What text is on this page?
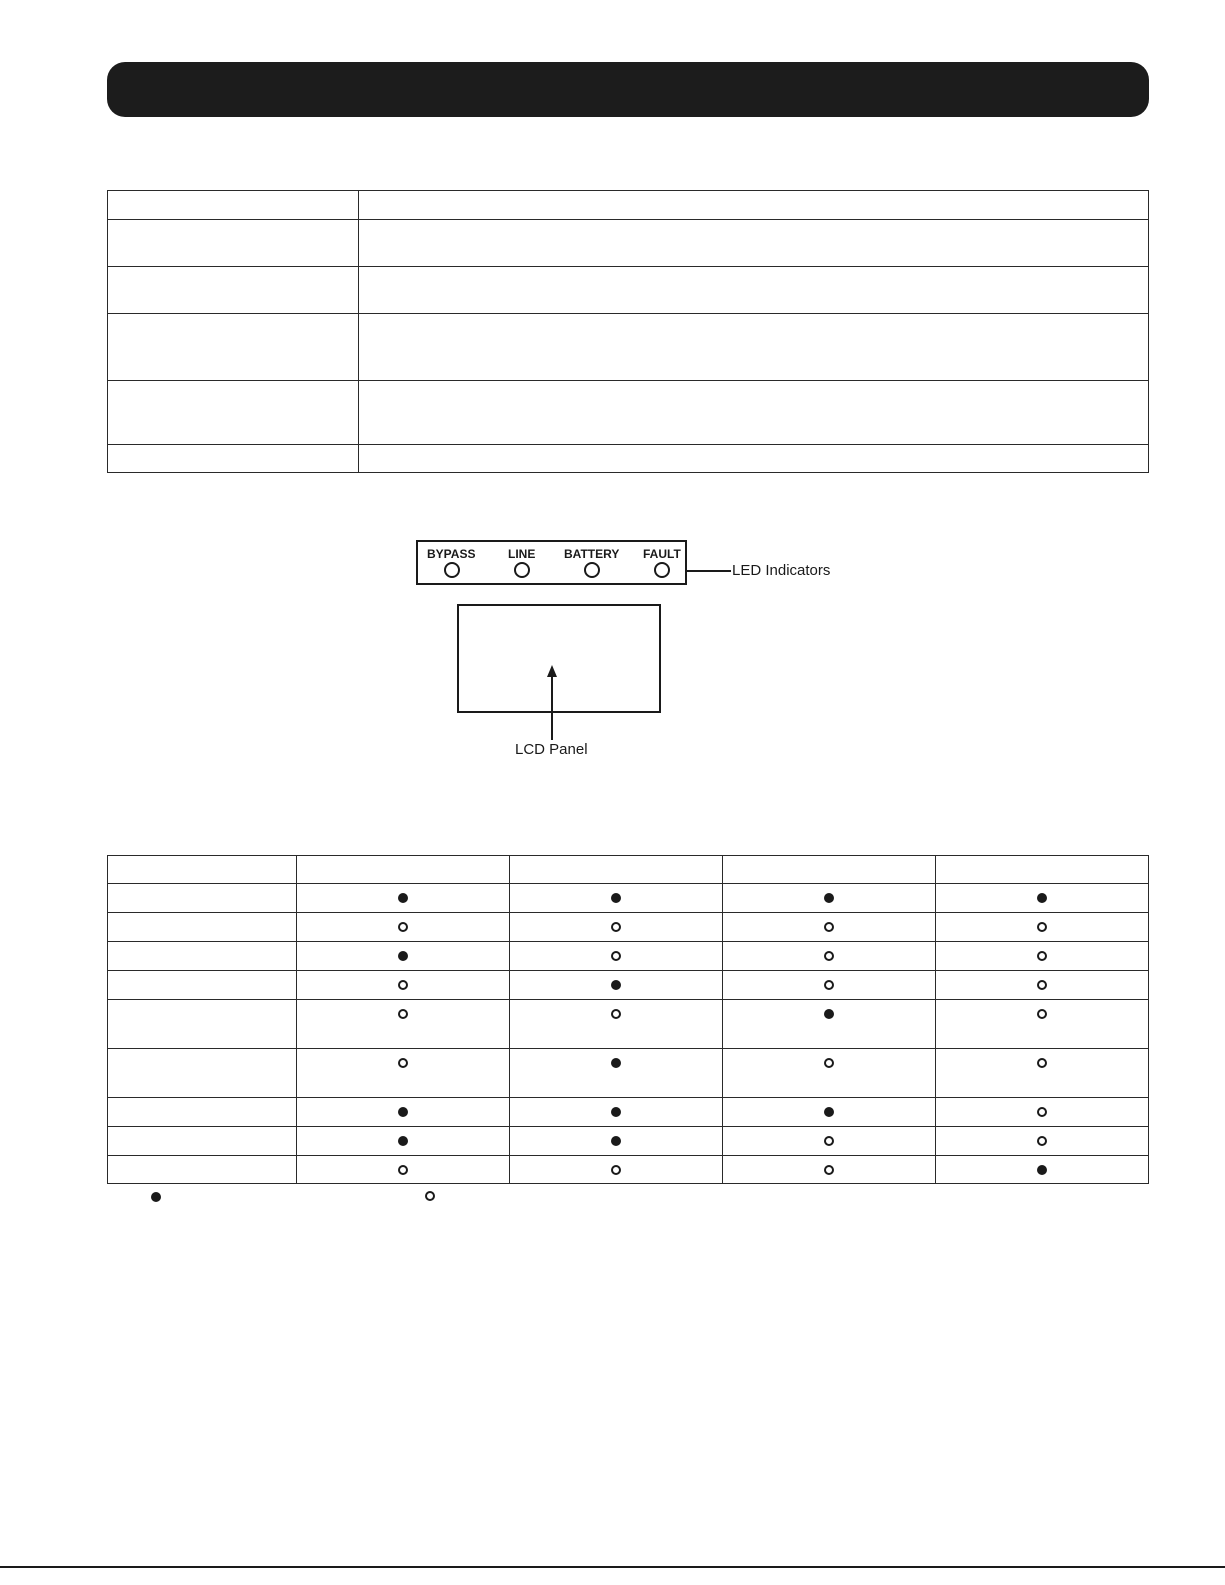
BYPASS	LINE BATTERY FAULT
LED Indicators
LCD Panel
